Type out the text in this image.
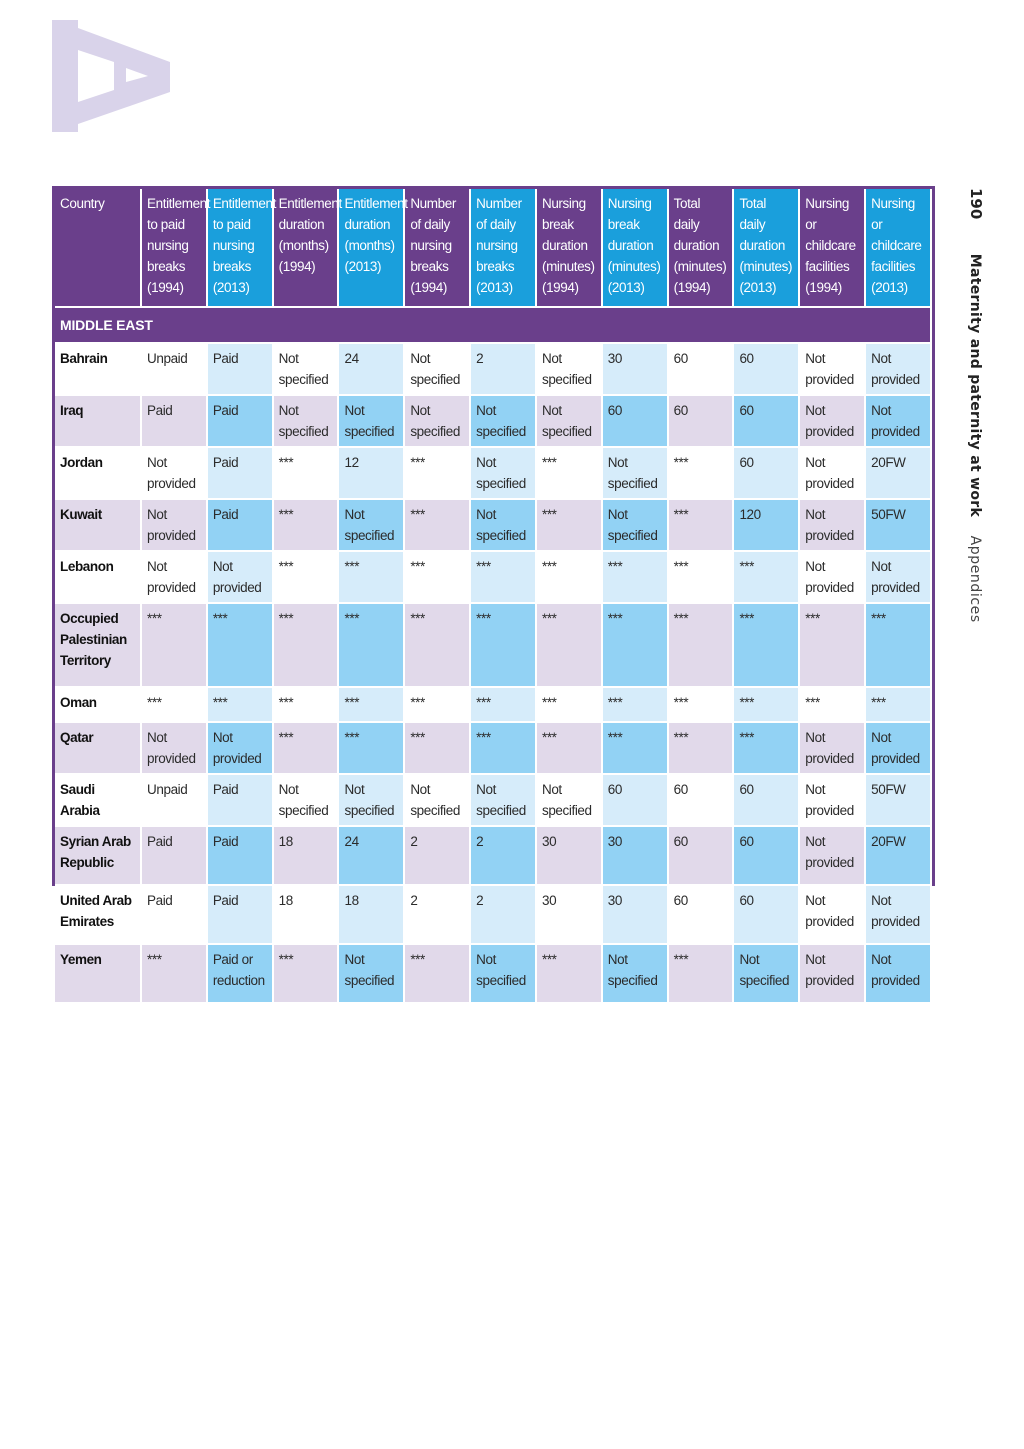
190 Maternity and paternity at work Appendices
Country	Entitlement to paid nursing breaks (1994)	Entitlement to paid nursing breaks (2013)	Entitlement duration (months) (1994)	Entitlement duration (months) (2013)	Number of daily nursing breaks (1994)	Number of daily nursing breaks (2013)	Nursing break duration (minutes) (1994)	Nursing break duration (minutes) (2013)	Total daily duration (minutes) (1994)	Total daily duration (minutes) (2013)	Nursing or childcare facilities (1994)	Nursing or childcare facilities (2013)
MIDDLE EAST												
Bahrain	Unpaid	Paid	Not specified	24	Not specified	2	Not specified	30	60	60	Not provided	Not provided
Iraq	Paid	Paid	Not specified	Not specified	Not specified	Not specified	Not specified	60	60	60	Not provided	Not provided
Jordan	Not provided	Paid	***	12	***	Not specified	***	Not specified	***	60	Not provided	20FW
Kuwait	Not provided	Paid	***	Not specified	***	Not specified	***	Not specified	***	120	Not provided	50FW
Lebanon	Not provided	Not provided	***	***	***	***	***	***	***	***	Not provided	Not provided
Occupied Palestinian Territory	***	***	***	***	***	***	***	***	***	***	***	***
Oman	***	***	***	***	***	***	***	***	***	***	***	***
Qatar	Not provided	Not provided	***	***	***	***	***	***	***	***	Not provided	Not provided
Saudi Arabia	Unpaid	Paid	Not specified	Not specified	Not specified	Not specified	Not specified	60	60	60	Not provided	50FW
Syrian Arab Republic	Paid	Paid	18	24	2	2	30	30	60	60	Not provided	20FW
United Arab Emirates	Paid	Paid	18	18	2	2	30	30	60	60	Not provided	Not provided
Yemen	***	Paid or reduction	***	Not specified	***	Not specified	***	Not specified	***	Not specified	Not provided	Not provided
